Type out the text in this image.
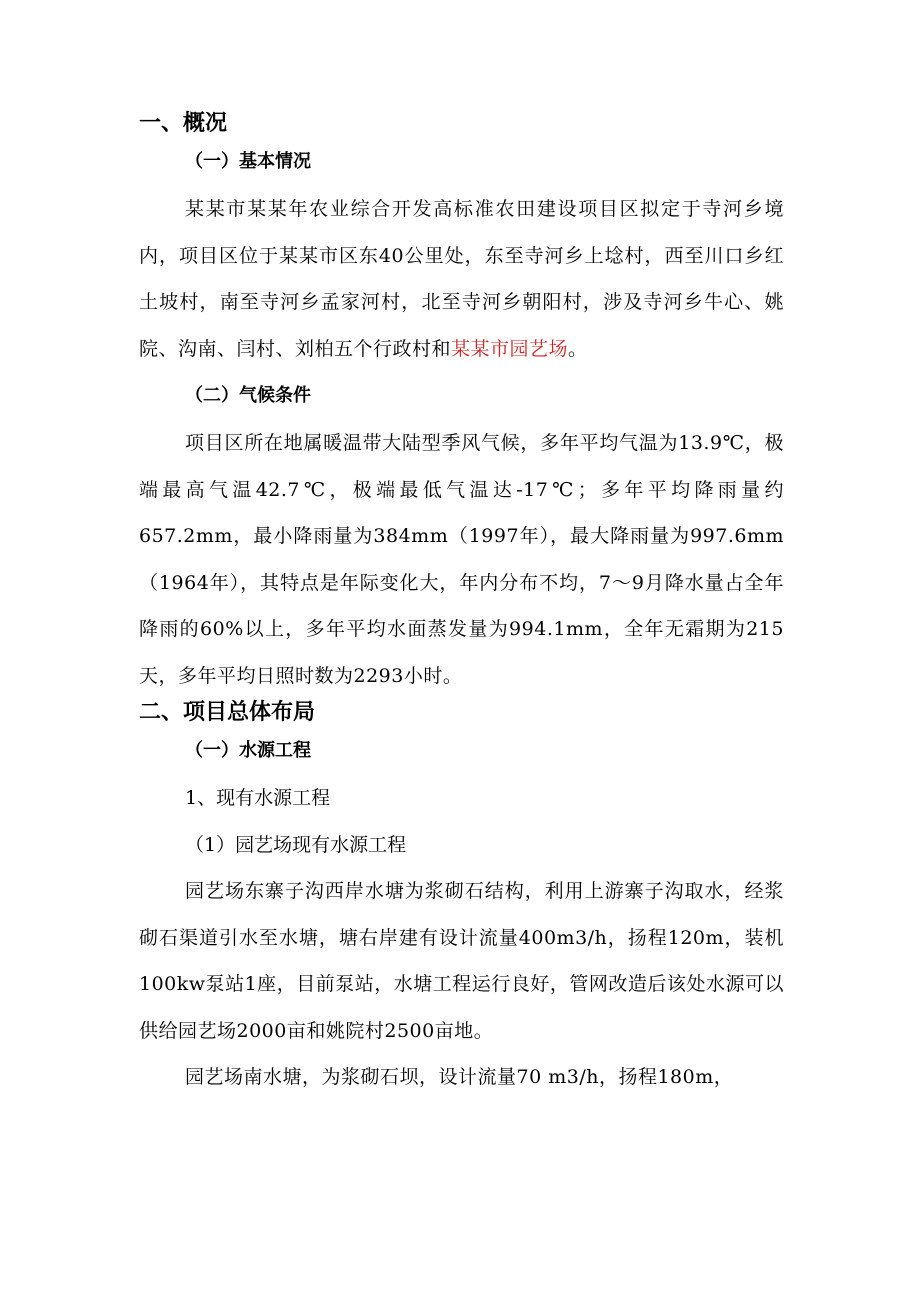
一、概况
（一）基本情况

某某市某某年农业综合开发高标准农田建设项目区拟定于寺河乡境内，项目区位于某某市区东40公里处，东至寺河乡上埝村，西至川口乡红土坡村，南至寺河乡孟家河村，北至寺河乡朝阳村，涉及寺河乡牛心、姚院、沟南、闫村、刘柏五个行政村和某某市园艺场。

（二）气候条件

项目区所在地属暖温带大陆型季风气候，多年平均气温为13.9℃，极端最高气温42.7℃，极端最低气温达-17℃；多年平均降雨量约657.2mm，最小降雨量为384mm（1997年），最大降雨量为997.6mm（1964年），其特点是年际变化大，年内分布不均，7～9月降水量占全年降雨的60%以上，多年平均水面蒸发量为994.1mm，全年无霜期为215天，多年平均日照时数为2293小时。

二、项目总体布局
（一）水源工程

1、现有水源工程

（1）园艺场现有水源工程

园艺场东寨子沟西岸水塘为浆砌石结构，利用上游寨子沟取水，经浆砌石渠道引水至水塘，塘右岸建有设计流量400m3/h，扬程120m，装机100kw泵站1座，目前泵站，水塘工程运行良好，管网改造后该处水源可以供给园艺场2000亩和姚院村2500亩地。

园艺场南水塘，为浆砌石坝，设计流量70 m3/h，扬程180m，
